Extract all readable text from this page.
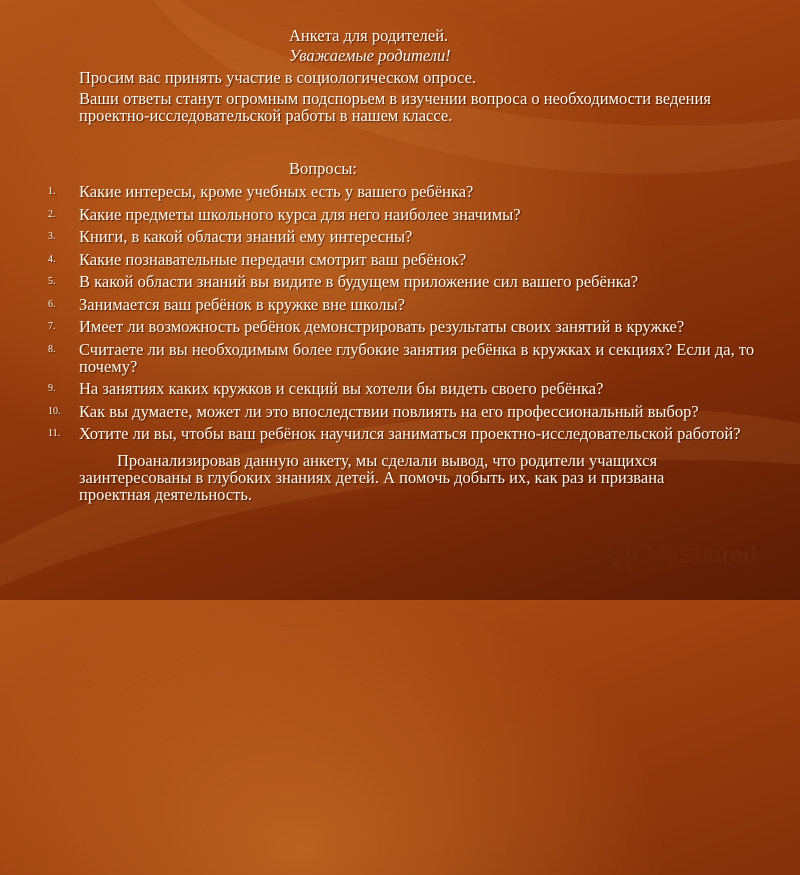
Анкета для родителей.
Уважаемые родители!
Просим вас принять участие в социологическом опросе.
Ваши ответы станут огромным подспорьем в изучении вопроса о необходимости ведения проектно-исследовательской работы в нашем классе.
Вопросы:
1. Какие интересы, кроме учебных есть у вашего ребёнка?
2. Какие предметы школьного курса для него наиболее значимы?
3. Книги, в какой области знаний ему интересны?
4. Какие познавательные передачи смотрит ваш ребёнок?
5. В какой области знаний вы видите в будущем приложение сил вашего ребёнка?
6. Занимается ваш ребёнок в кружке вне школы?
7. Имеет ли возможность ребёнок демонстрировать результаты своих занятий в кружке?
8. Считаете ли вы необходимым более глубокие занятия ребёнка в кружках и секциях? Если да, то почему?
9. На занятиях каких кружков и секций вы хотели бы видеть своего ребёнка?
10. Как вы думаете, может ли это впоследствии повлиять на его профессиональный выбор?
11. Хотите ли вы, чтобы ваш ребёнок научился заниматься проектно-исследовательской работой?
Проанализировав данную анкету, мы сделали вывод, что родители учащихся заинтересованы в глубоких знаниях детей. А помочь добыть их, как раз и призвана проектная деятельность.
MyShared
